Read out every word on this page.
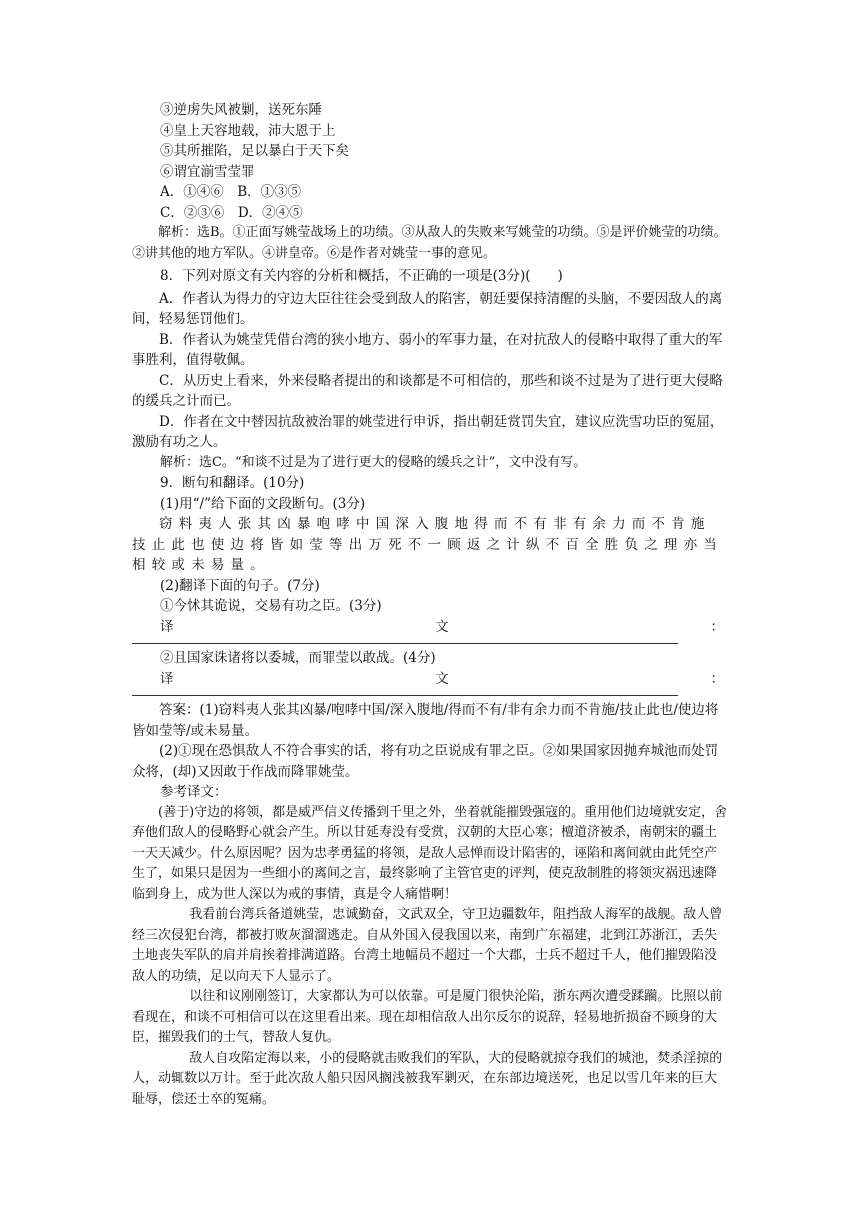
③逆虏失风被剿，送死东陲

④皇上天容地载，沛大恩于上

⑤其所摧陷，足以暴白于天下矣

⑥谓宜湔雪莹罪

A．①④⑥　B．①③⑤

C．②③⑥　D．②④⑤

解析：选B。①正面写姚莹战场上的功绩。③从敌人的失败来写姚莹的功绩。⑤是评价姚莹的功绩。②讲其他的地方军队。④讲皇帝。⑥是作者对姚莹一事的意见。

8．下列对原文有关内容的分析和概括，不正确的一项是(3分)(　　)

A．作者认为得力的守边大臣往往会受到敌人的陷害，朝廷要保持清醒的头脑，不要因敌人的离间，轻易惩罚他们。

B．作者认为姚莹凭借台湾的狭小地方、弱小的军事力量，在对抗敌人的侵略中取得了重大的军事胜利，值得敬佩。

C．从历史上看来，外来侵略者提出的和谈都是不可相信的，那些和谈不过是为了进行更大侵略的缓兵之计而已。

D．作者在文中替因抗敌被治罪的姚莹进行申诉，指出朝廷赏罚失宜，建议应洗雪功臣的冤屈，激励有功之人。

解析：选C。“和谈不过是为了进行更大的侵略的缓兵之计”，文中没有写。

9．断句和翻译。(10分)

(1)用“/”给下面的文段断句。(3分)

窃料夷人张其凶暴咆哮中国深入腹地得而不有非有余力而不肯施技止此也使边将皆如莹等出万死不一顾返之计纵不百全胜负之理亦当相较或未易量。

(2)翻译下面的句子。(7分)

①今怵其诡说，交易有功之臣。(3分)

译	文	：

②且国家诛诸将以委城，而罪莹以敢战。(4分)

译	文	：

答案：(1)窃料夷人张其凶暴/咆哮中国/深入腹地/得而不有/非有余力而不肯施/技止此也/使边将皆如莹等/或未易量。

(2)①现在恐惧敌人不符合事实的话，将有功之臣说成有罪之臣。②如果国家因抛弃城池而处罚众将，(却)又因敢于作战而降罪姚莹。

参考译文：

(善于)守边的将领，都是威严信义传播到千里之外，坐着就能摧毁强寇的。重用他们边境就安定，舍弃他们敌人的侵略野心就会产生。所以甘延寿没有受赏，汉朝的大臣心寒；檀道济被杀，南朝宋的疆土一天天减少。什么原因呢？因为忠孝勇猛的将领，是敌人忌惮而设计陷害的，诬陷和离间就由此凭空产生了，如果只是因为一些细小的离间之言，最终影响了主管官吏的评判，使克敌制胜的将领灾祸迅速降临到身上，成为世人深以为戒的事情，真是令人痛惜啊！

我看前台湾兵备道姚莹，忠诚勤奋，文武双全，守卫边疆数年，阻挡敌人海军的战舰。敌人曾经三次侵犯台湾，都被打败灰溜溜逃走。自从外国入侵我国以来，南到广东福建，北到江苏浙江，丢失土地丧失军队的肩并肩挨着排满道路。台湾土地幅员不超过一个大郡，士兵不超过千人，他们摧毁陷没敌人的功绩，足以向天下人显示了。

以往和议刚刚签订，大家都认为可以依靠。可是厦门很快沦陷，浙东两次遭受蹂躏。比照以前看现在，和谈不可相信可以在这里看出来。现在却相信敌人出尔反尔的说辞，轻易地折损奋不顾身的大臣，摧毁我们的士气，替敌人复仇。

敌人自攻陷定海以来，小的侵略就击败我们的军队，大的侵略就掠夺我们的城池，焚杀淫掠的人，动辄数以万计。至于此次敌人船只因风搁浅被我军剿灭，在东部边境送死，也足以雪几年来的巨大耻辱，偿还士卒的冤痛。
